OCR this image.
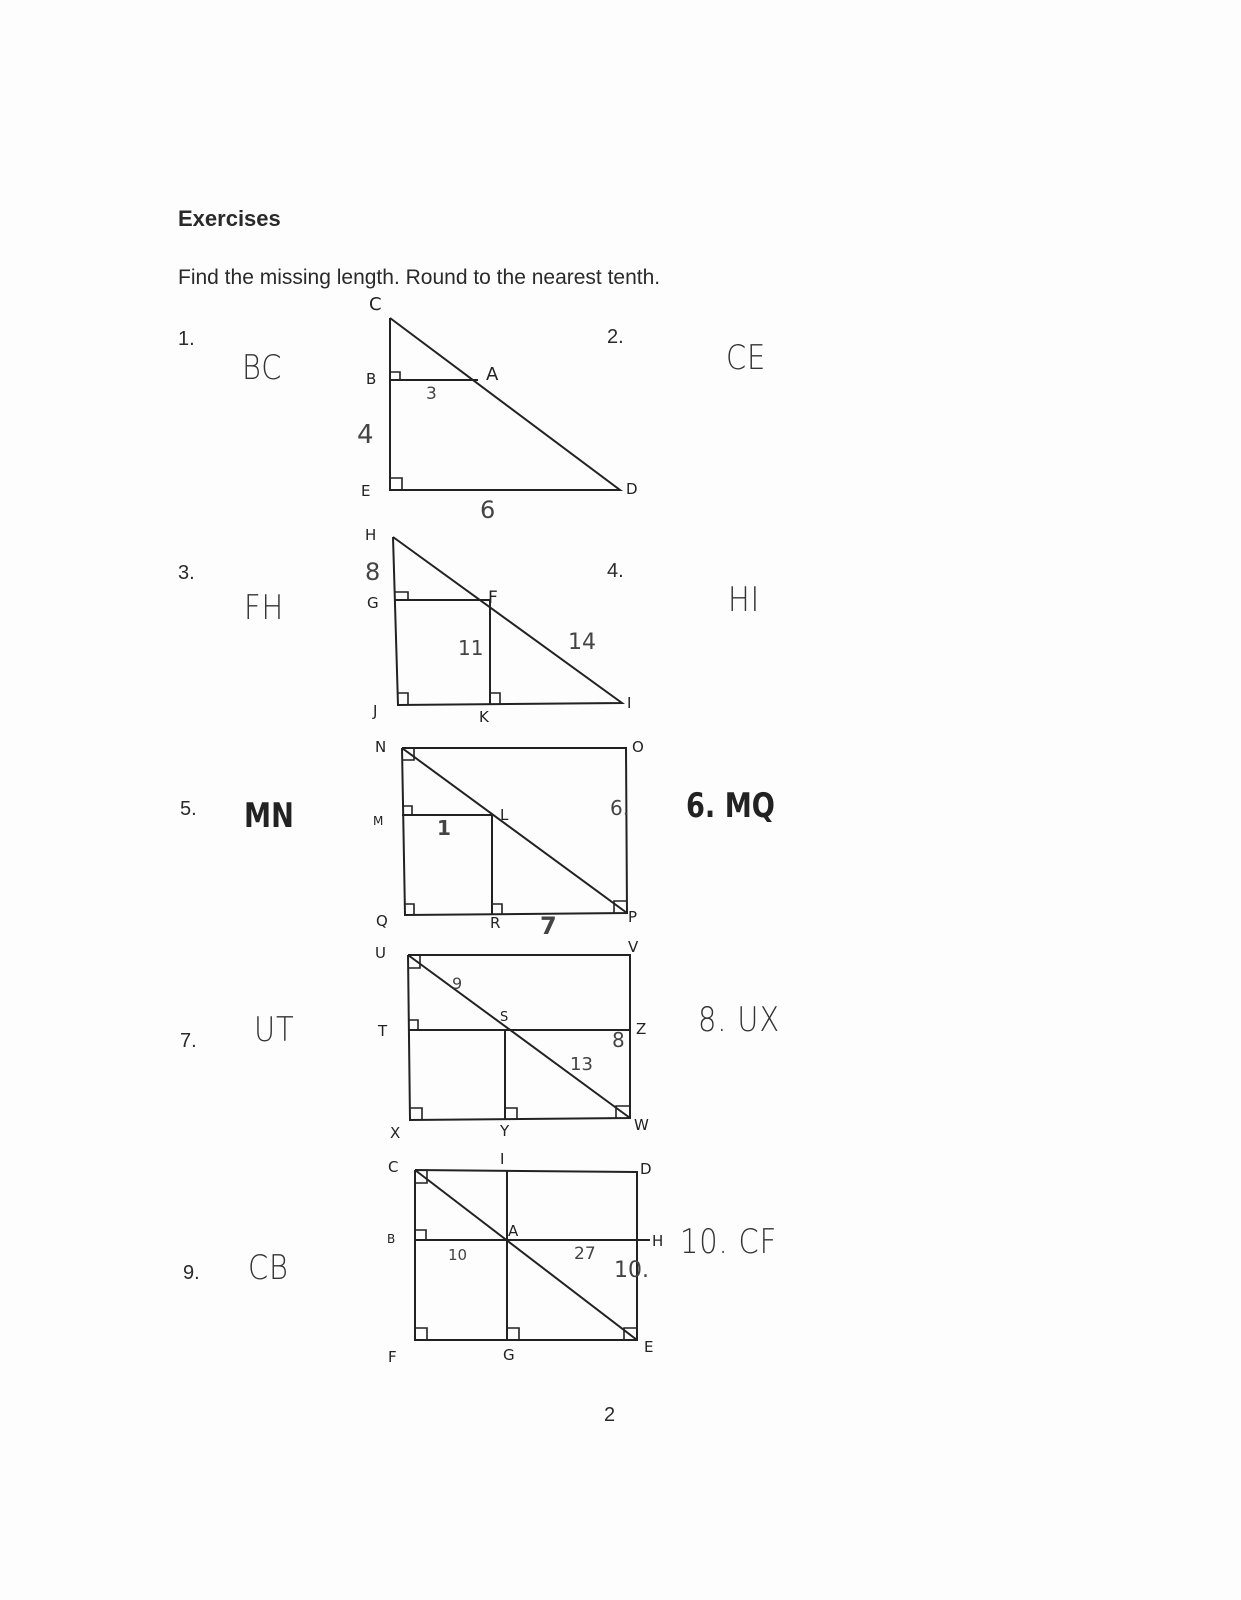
Exercises
Find the missing length. Round to the nearest tenth.
1.
BC
2.
CE
3.
FH
4.
HI
5. MN	6. MQ
7. UT	8. UX
9. CB
10. CF
C
B	A
E	D
3
4
6
H
8
G	F
11	14
J	K
I
N	O
M	L
1
6.
Q	R 7	P
U	V
9
T
S
8 Z
13
X	Y	W
C	I
D
B	A
10	27
10.
H
F	G	E
2
